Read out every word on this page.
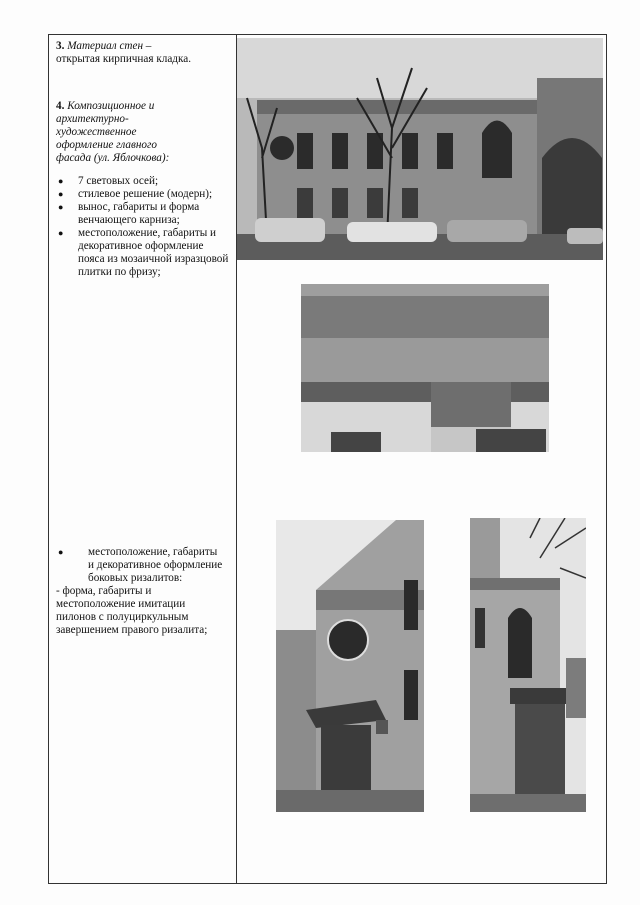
3. Материал стен –

открытая кирпичная кладка.

4. Композиционное и
архитектурно-
художественное
оформление главного
фасада (ул. Яблочкова):

● 7 световых осей;
● стилевое решение (модерн);
● вынос, габариты и форма венчающего карниза;
● местоположение, габариты и декоративное оформление пояса из мозаичной изразцовой плитки по фризу;
● местоположение, габариты и декоративное оформление боковых ризалитов:

- форма, габариты и местоположение имитации пилонов с полуциркульным завершением правого ризалита;
